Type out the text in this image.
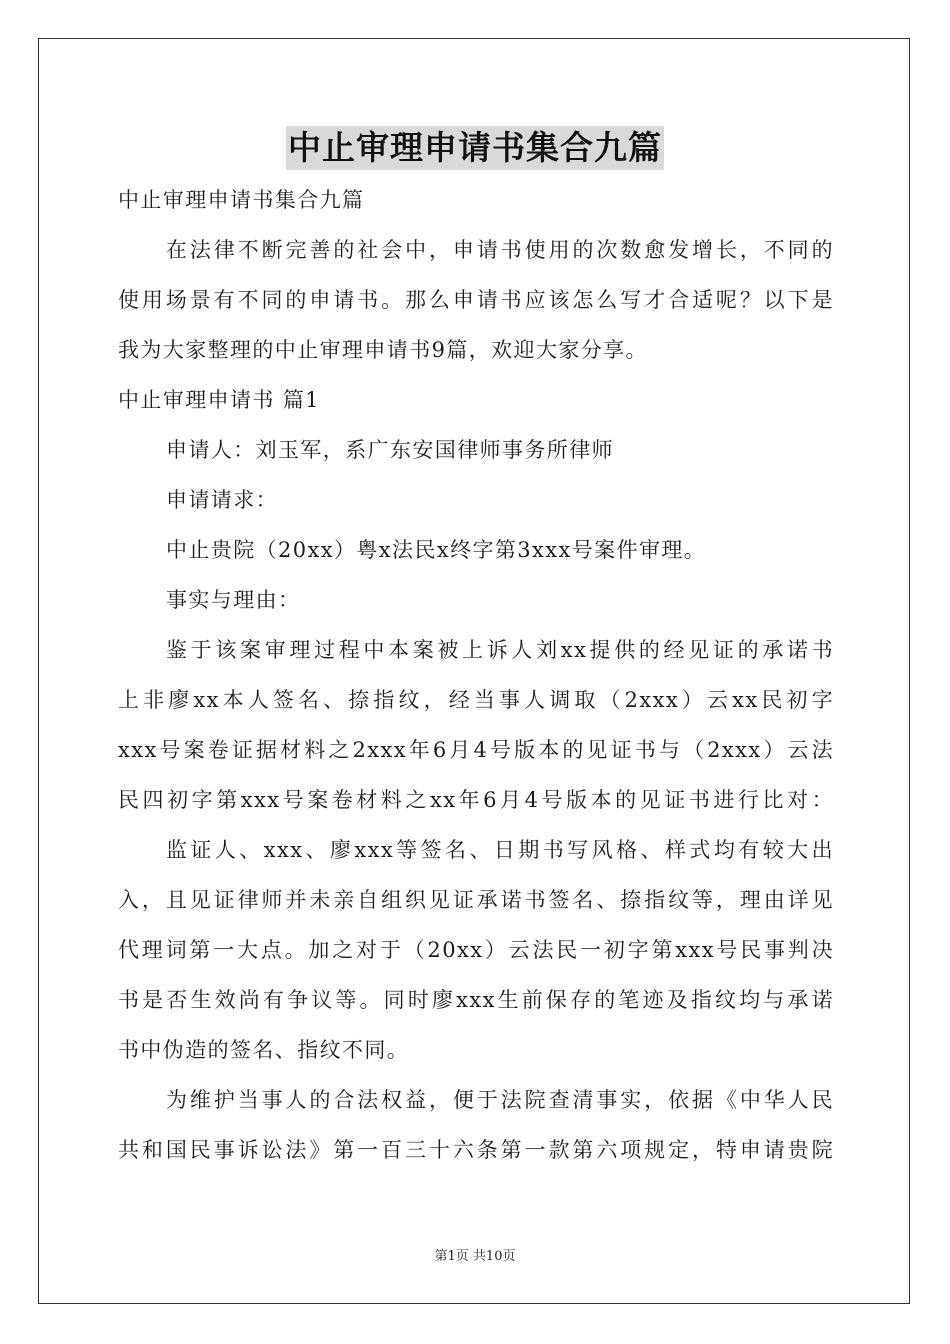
中止审理申请书集合九篇
中止审理申请书集合九篇
在法律不断完善的社会中，申请书使用的次数愈发增长，不同的
使用场景有不同的申请书。那么申请书应该怎么写才合适呢？以下是
我为大家整理的中止审理申请书9篇，欢迎大家分享。
中止审理申请书 篇1
申请人：刘玉军，系广东安国律师事务所律师
申请请求：
中止贵院（20xx）粤x法民x终字第3xxx号案件审理。
事实与理由：
鉴于该案审理过程中本案被上诉人刘xx提供的经见证的承诺书
上非廖xx本人签名、捺指纹，经当事人调取（2xxx）云xx民初字
xxx号案卷证据材料之2xxx年6月4号版本的见证书与（2xxx）云法
民四初字第xxx号案卷材料之xx年6月4号版本的见证书进行比对：
监证人、xxx、廖xxx等签名、日期书写风格、样式均有较大出
入，且见证律师并未亲自组织见证承诺书签名、捺指纹等，理由详见
代理词第一大点。加之对于（20xx）云法民一初字第xxx号民事判决
书是否生效尚有争议等。同时廖xxx生前保存的笔迹及指纹均与承诺
书中伪造的签名、指纹不同。
为维护当事人的合法权益，便于法院查清事实，依据《中华人民
共和国民事诉讼法》第一百三十六条第一款第六项规定，特申请贵院
第1页 共10页
